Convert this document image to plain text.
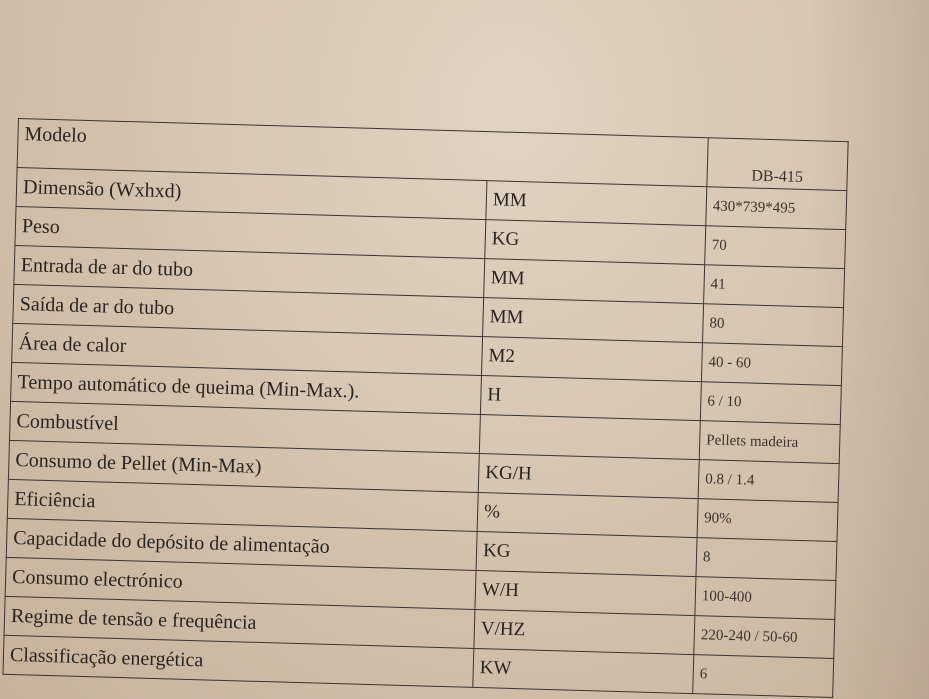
Modelo		DB-415
Dimensão (Wxhxd)	MM	430*739*495
Peso	KG	70
Entrada de ar do tubo	MM	41
Saída de ar do tubo	MM	80
Área de calor	M2	40 - 60
Tempo automático de queima (Min-Max.).	H	6 / 10
Combustível		Pellets madeira
Consumo de Pellet (Min-Max)	KG/H	0.8 / 1.4
Eficiência	%	90%
Capacidade do depósito de alimentação	KG	8
Consumo electrónico	W/H	100-400
Regime de tensão e frequência	V/HZ	220-240 / 50-60
Classificação energética	KW	6
